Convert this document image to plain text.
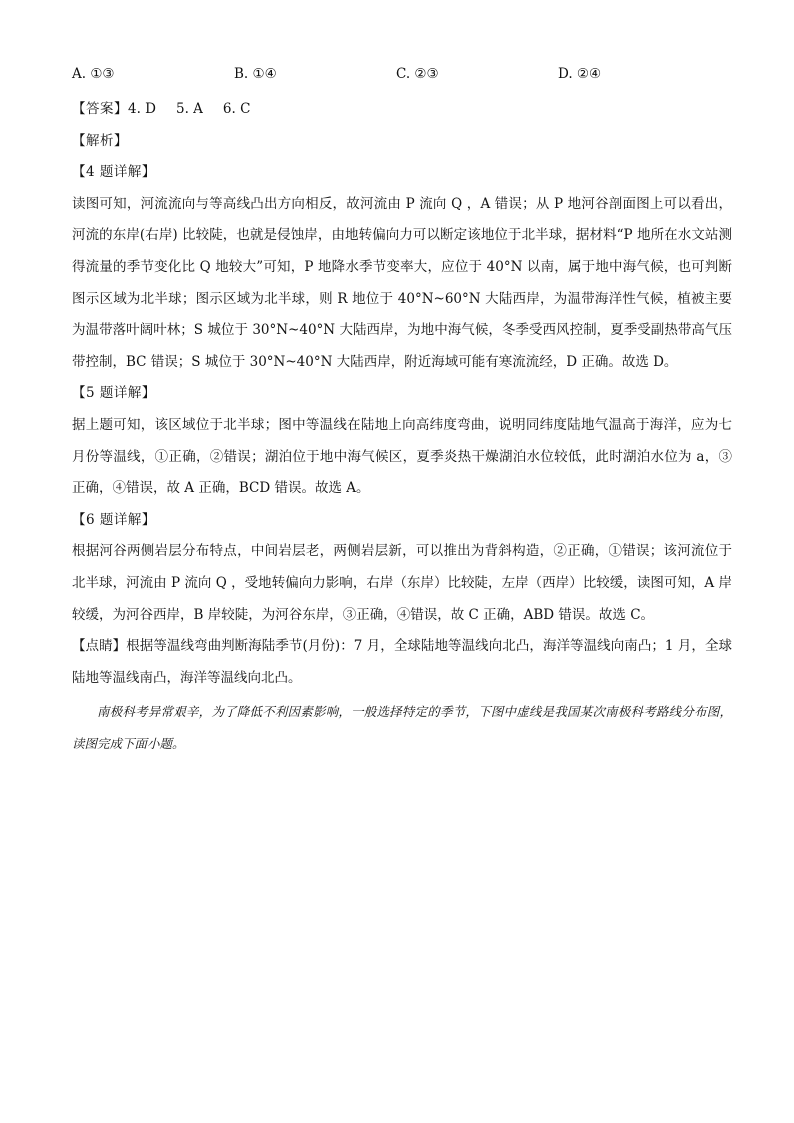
A. ①③	B. ①④	C. ②③	D. ②④
【答案】4. D 5. A 6. C
【解析】
【4 题详解】
读图可知，河流流向与等高线凸出方向相反，故河流由 P 流向 Q ，A 错误；从 P 地河谷剖面图上可以看出，河流的东岸(右岸) 比较陡，也就是侵蚀岸，由地转偏向力可以断定该地位于北半球，据材料“P 地所在水文站测得流量的季节变化比 Q 地较大”可知，P 地降水季节变率大，应位于 40°N 以南，属于地中海气候，也可判断图示区域为北半球；图示区域为北半球，则 R 地位于 40°N~60°N 大陆西岸，为温带海洋性气候，植被主要为温带落叶阔叶林；S 城位于 30°N~40°N 大陆西岸，为地中海气候，冬季受西风控制，夏季受副热带高气压带控制，BC 错误；S 城位于 30°N~40°N 大陆西岸，附近海域可能有寒流流经，D 正确。故选 D。
【5 题详解】
据上题可知，该区域位于北半球；图中等温线在陆地上向高纬度弯曲，说明同纬度陆地气温高于海洋，应为七月份等温线，①正确，②错误；湖泊位于地中海气候区，夏季炎热干燥湖泊水位较低，此时湖泊水位为 a，③正确，④错误，故 A 正确，BCD 错误。故选 A。
【6 题详解】
根据河谷两侧岩层分布特点，中间岩层老，两侧岩层新，可以推出为背斜构造，②正确，①错误；该河流位于北半球，河流由 P 流向 Q ，受地转偏向力影响，右岸（东岸）比较陡，左岸（西岸）比较缓，读图可知，A 岸较缓，为河谷西岸，B 岸较陡，为河谷东岸，③正确，④错误，故 C 正确，ABD 错误。故选 C。
【点睛】根据等温线弯曲判断海陆季节(月份)：7 月，全球陆地等温线向北凸，海洋等温线向南凸；1 月，全球陆地等温线南凸，海洋等温线向北凸。
南极科考异常艰辛，为了降低不利因素影响，一般选择特定的季节，下图中虚线是我国某次南极科考路线分布图，读图完成下面小题。
